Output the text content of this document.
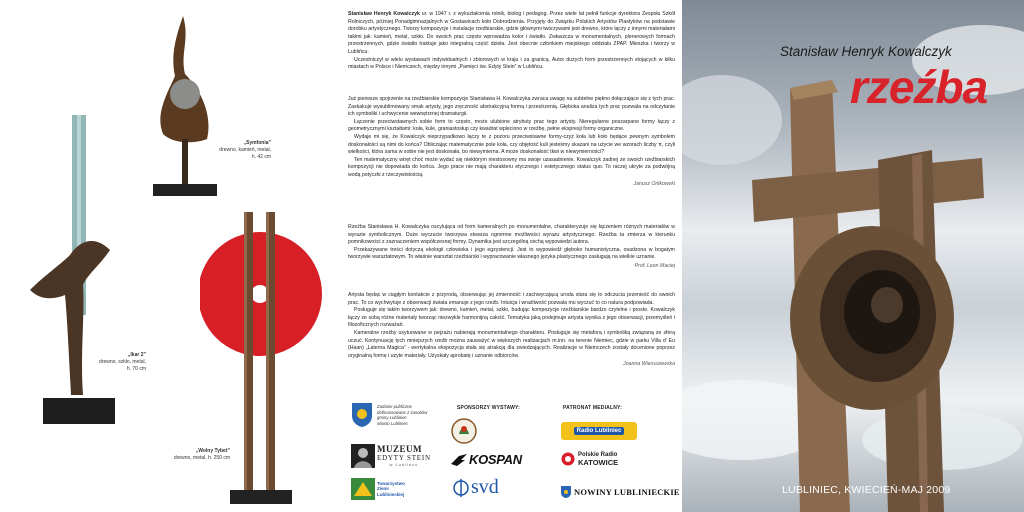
„Symfonia”
drewno, kamień, metal,
h. 42 cm
„Ikar 2”
drewno, szkło, metal,
h. 70 cm
„Wolny Tybet”
drewno, metal, h. 250 cm

Stanisław Henryk Kowalczyk ur. w 1947 r. z wykształcenia rolnik, biolog i pedagog. Przez wiele lat pełnił funkcje dyrektora Zespołu Szkół Rolniczych, później Ponadgimnazjalnych w Gostawicach koło Dobrodzienia. Przyjęty do Związku Polskich Artystów Plastyków na podstawie dorobku artystycznego. Tworzy kompozycje i instalacje rzeźbiarskie, gdzie głównymi tworzywami jest drewno, które łączy z innymi materiałami takimi jak: kamień, metal, szkło. Do swoich prac często wprowadza kolor i światło. Zwłaszcza w monumentalnych, plenerowych formach przestrzennych, gdzie światło traktuje jako integralną część dzieła. Jest obecnie członkiem miejskiego oddziału ZPAP. Mieszka i tworzy w Lublińcu.

Uczestniczył w wielu wystawach indywidualnych i zbiorowych w kraju i za granicą. Autor dużych form przestrzennych stojących w kilku miastach w Polsce i Niemczech, między innymi „Pamięci św. Edyty Stein” w Lublińcu.

Już pierwsze spojrzenie na rzeźbiarskie kompozycje Stanisława H. Kowalczyka zwraca uwagę na subtelne piękno dołączające się z tych prac. Zaskakuje wysublimowany smak artysty, jego zręczność abstrakcyjną formą i przestrzenią. Głęboka analiza tych prac pozwala na odczytanie ich symboliki i uchwycenie wewnętrznej dramaturgii.

Łączenie przeciwstawnych sobie form to często, może ulubione atrybuty prac tego artysty. Nieregularne poszarpane formy łączy z geometrycznymi kształtami: koła, kule, graniastosłup czy kwadrat wpleciono w rzeźbę, pełne ekspresji formy organiczne.

Wydaje mi się, że Kowalczyk nieprzypadkowo łączy te z pozoru przeciwstawne formy-czyż koła lub koło będące pewnym symbolem doskonałości są nimi do końca? Obliczając matematycznie pole koła, czy objętość kuli jesteśmy skazani na użycie we wzorach liczby π, czyli wielkości, która sama w sobie nie jest doskonała, bo niewymierna. A może doskonałość tkwi w niewymierności?

Ten matematyczny wtręt choć może wydać się niektórym niestosowny ma swoje uzasadnienie. Kowalczyk żadnej ze swoich rzeźbiarskich kompozycji nie dopowiada do końca. Jego prace nie mają charakteru etycznego i estetycznego status quo. To raczej ukryte za podwójną wodą potyczki z rzeczywistością.

Janusz Orlikowski

Rzeźba Stanisława H. Kowalczyka oscylująca od form kameralnych po monumentalne, charakteryzuje się łączeniem różnych materiałów w wyrazie symbolicznym. Duże wyczucie tworzywa stwarza ogromne możliwości wyrazu artystycznego. Rzeźba ta zmierza w kierunku pomnikowości z zaznaczeniem współczesnej formy. Dynamika jest szczególną cechą wypowiedzi autora.

Przekazywane treści dotyczą ekologii człowieka i jego egzystencji. Jest to wypowiedź głęboko humanistyczna, osadzona w bogatym tworzywie warsztatowym. To właśnie warsztat rzeźbiarski i wypracowanie własnego języka plastycznego zasługują na wielkie uznanie.

Prof. Leon Maciej

Artysta będąc w ciągłym kontakcie z przyrodą, obserwując jej zmienność i zachwycającą uroda stara się to odczucia przenieść do swoich prac. To co wychwytuje z obserwacji świata emanuje z jego rzeźb. Intuicja i wrażliwość pozwala mu wyczuć to co natura podpowiada.

Posługuje się takim tworzywem jak: drewno, kamień, metal, szkło, budując kompozycje rzeźbiarskie bardzo czytelne i proste. Kowalczyk łączy ze sobą różne materiały tworząc niezwykle harmonijną całość. Tematyka jaką podejmuje artysta wynika z jego obserwacji, przemyśleń i filozoficznych rozważań.

Kameralne rzeźby usytuowane w pejzażu nabierają monumentalnego charakteru. Posługuje się metaforą i symboliką związaną ze sferą uczuć. Kontynuację tych mniejszych rzeźb można zauważyć w większych realizacjach m.inn. na terenie Niemiec, gdzie w parku Villa d’ Eu (Haan) „Laterna Magica” - wertykalna ekspozycja stała się atrakcją dla zwiedzających. Realizacje w Niemczech zostały docenione poprzez oryginalną formę i użyte materiały. Uzyskały aprobatę i uznanie odbiorców.

Joanna Wieruszewska
Zadanie publiczne
dofinansowane z zasobów
gminy Lubliniec
Miasto Lubliniec
SPONSORZY WYSTAWY:	PATRONAT MEDIALNY:
Radio Lubliniec
MUZEUM
EDYTY STEIN
w Lublińcu	KOSPAN	Polskie Radio
KATOWICE
Towarzystwo
Ziemi
Lublinieckiej	svd	NOWINY LUBLINIECKIE
Stanisław Henryk Kowalczyk
rzeźba
LUBLINIEC, KWIECIEŃ-MAJ 2009
